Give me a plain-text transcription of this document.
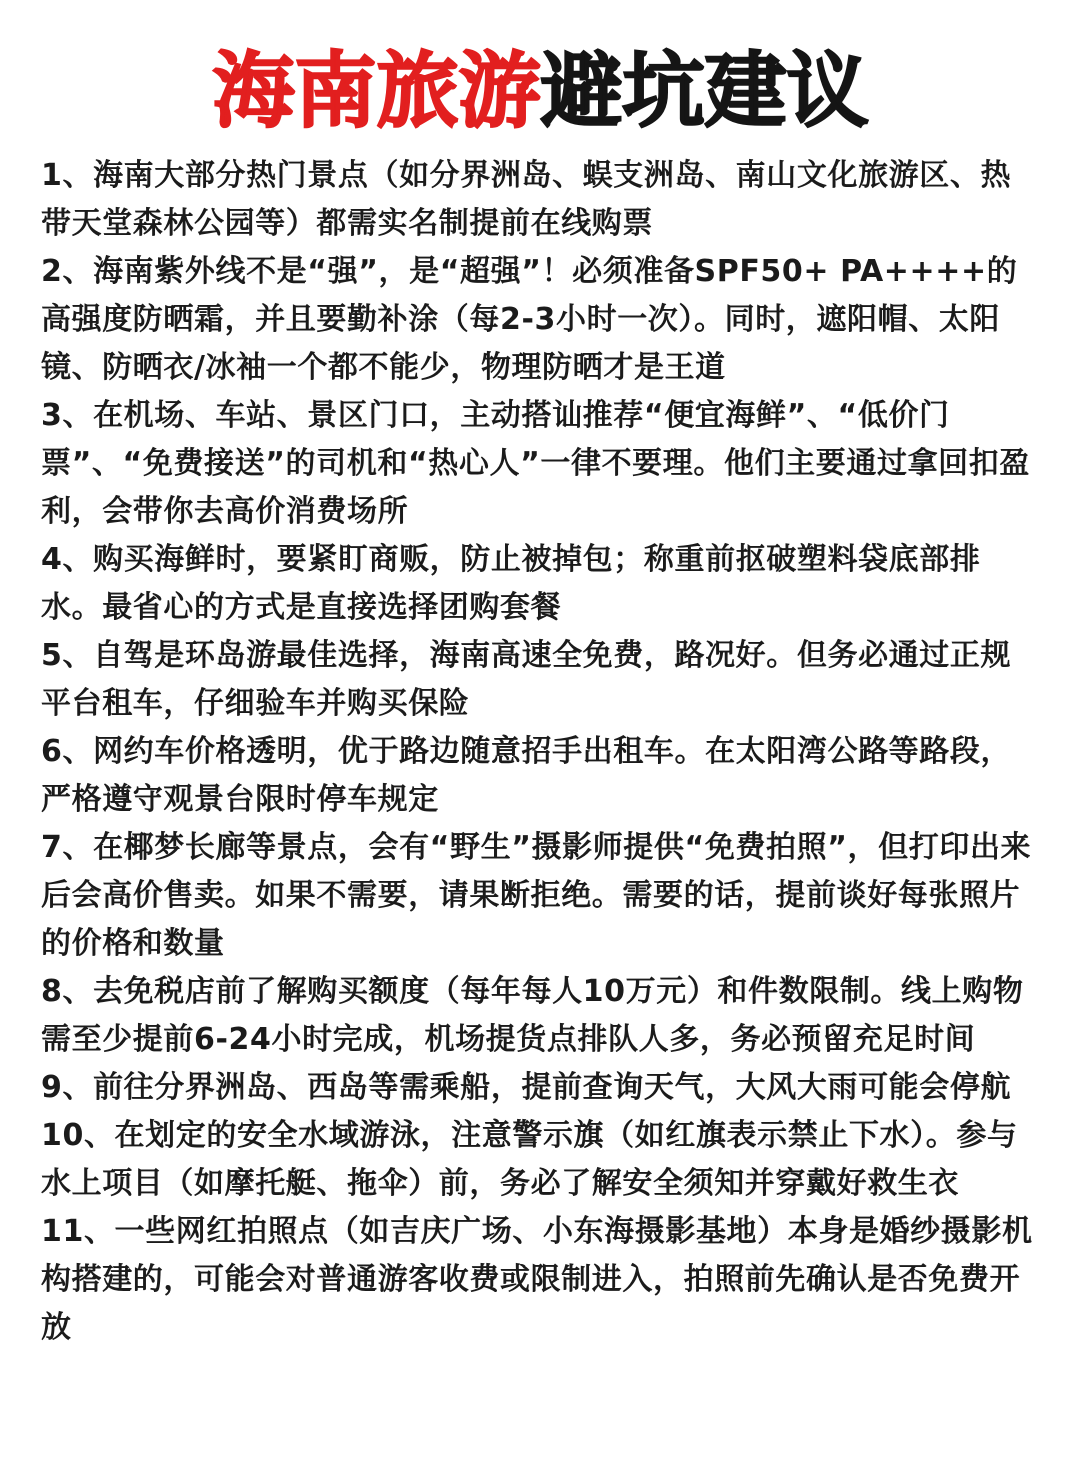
海南旅游避坑建议
1、海南大部分热门景点（如分界洲岛、蜈支洲岛、南山文化旅游区、热带天堂森林公园等）都需实名制提前在线购票
2、海南紫外线不是“强”，是“超强”！必须准备SPF50+ PA++++的高强度防晒霜，并且要勤补涂（每2-3小时一次）。同时，遮阳帽、太阳镜、防晒衣/冰袖一个都不能少，物理防晒才是王道
3、在机场、车站、景区门口，主动搭讪推荐“便宜海鲜”、“低价门票”、“免费接送”的司机和“热心人”一律不要理。他们主要通过拿回扣盈利，会带你去高价消费场所
4、购买海鲜时，要紧盯商贩，防止被掉包；称重前抠破塑料袋底部排水。最省心的方式是直接选择团购套餐
5、自驾是环岛游最佳选择，海南高速全免费，路况好。但务必通过正规平台租车，仔细验车并购买保险
6、网约车价格透明，优于路边随意招手出租车。在太阳湾公路等路段，严格遵守观景台限时停车规定
7、在椰梦长廊等景点，会有“野生”摄影师提供“免费拍照”，但打印出来后会高价售卖。如果不需要，请果断拒绝。需要的话，提前谈好每张照片的价格和数量
8、去免税店前了解购买额度（每年每人10万元）和件数限制。线上购物需至少提前6-24小时完成，机场提货点排队人多，务必预留充足时间
9、前往分界洲岛、西岛等需乘船，提前查询天气，大风大雨可能会停航
10、在划定的安全水域游泳，注意警示旗（如红旗表示禁止下水）。参与水上项目（如摩托艇、拖伞）前，务必了解安全须知并穿戴好救生衣
11、一些网红拍照点（如吉庆广场、小东海摄影基地）本身是婚纱摄影机构搭建的，可能会对普通游客收费或限制进入，拍照前先确认是否免费开放
